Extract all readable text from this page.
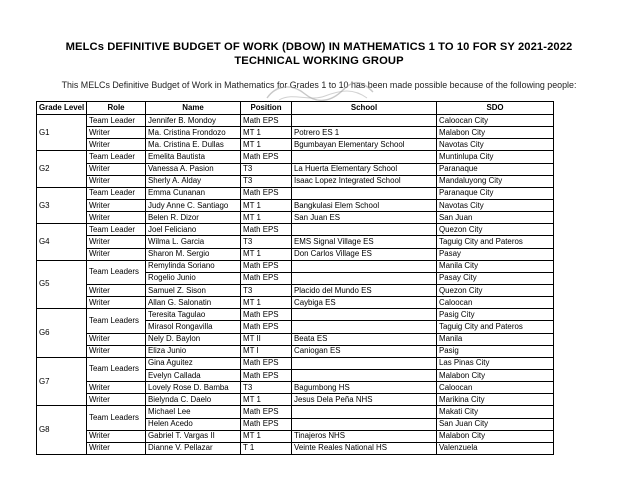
MELCs DEFINITIVE BUDGET OF WORK (DBOW) IN MATHEMATICS 1 TO 10 FOR SY 2021-2022
TECHNICAL WORKING GROUP
This MELCs Definitive Budget of Work in Mathematics for Grades 1 to 10 has been made possible because of the following people:
Grade Level	Role	Name	Position	School	SDO
G1	Team Leader	Jennifer B. Mondoy	Math EPS		Caloocan City
	Writer	Ma. Cristina Frondozo	MT 1	Potrero ES 1	Malabon City
	Writer	Ma. Cristina E. Dullas	MT 1	Bgumbayan Elementary School	Navotas City
G2	Team Leader	Emelita Bautista	Math EPS		Muntinlupa City
	Writer	Vanessa A. Pasion	T3	La Huerta Elementary School	Paranaque
	Writer	Sherly A. Alday	T3	Isaac Lopez Integrated School	Mandaluyong City
G3	Team Leader	Emma Cunanan	Math EPS		Paranaque City
	Writer	Judy Anne C. Santiago	MT 1	Bangkulasi Elem School	Navotas City
	Writer	Belen R. Dizor	MT 1	San Juan ES	San Juan
G4	Team Leader	Joel Feliciano	Math EPS		Quezon City
	Writer	Wilma L. Garcia	T3	EMS Signal Village ES	Taguig City and Pateros
	Writer	Sharon M. Sergio	MT 1	Don Carlos Village ES	Pasay
G5	Team Leaders	Remylinda Soriano	Math EPS		Manila City
		Rogelio Junio	Math EPS		Pasay City
	Writer	Samuel Z. Sison	T3	Placido del Mundo ES	Quezon City
	Writer	Allan G. Salonatin	MT 1	Caybiga ES	Caloocan
G6	Team Leaders	Teresita Tagulao	Math EPS		Pasig City
		Mirasol Rongavilla	Math EPS		Taguig City and Pateros
	Writer	Nely D. Baylon	MT II	Beata ES	Manila
	Writer	Eliza Junio	MT I	Caniogan ES	Pasig
G7	Team Leaders	Gina Aguitez	Math EPS		Las Pinas City
		Evelyn Callada	Math EPS		Malabon City
	Writer	Lovely Rose D. Bamba	T3	Bagumbong HS	Caloocan
	Writer	Bielynda C. Daelo	MT 1	Jesus Dela Peña NHS	Marikina City
G8	Team Leaders	Michael Lee	Math EPS		Makati City
		Helen Acedo	Math EPS		San Juan City
	Writer	Gabriel T. Vargas II	MT 1	Tinajeros NHS	Malabon City
	Writer	Dianne V. Pellazar	T 1	Veinte Reales National HS	Valenzuela
